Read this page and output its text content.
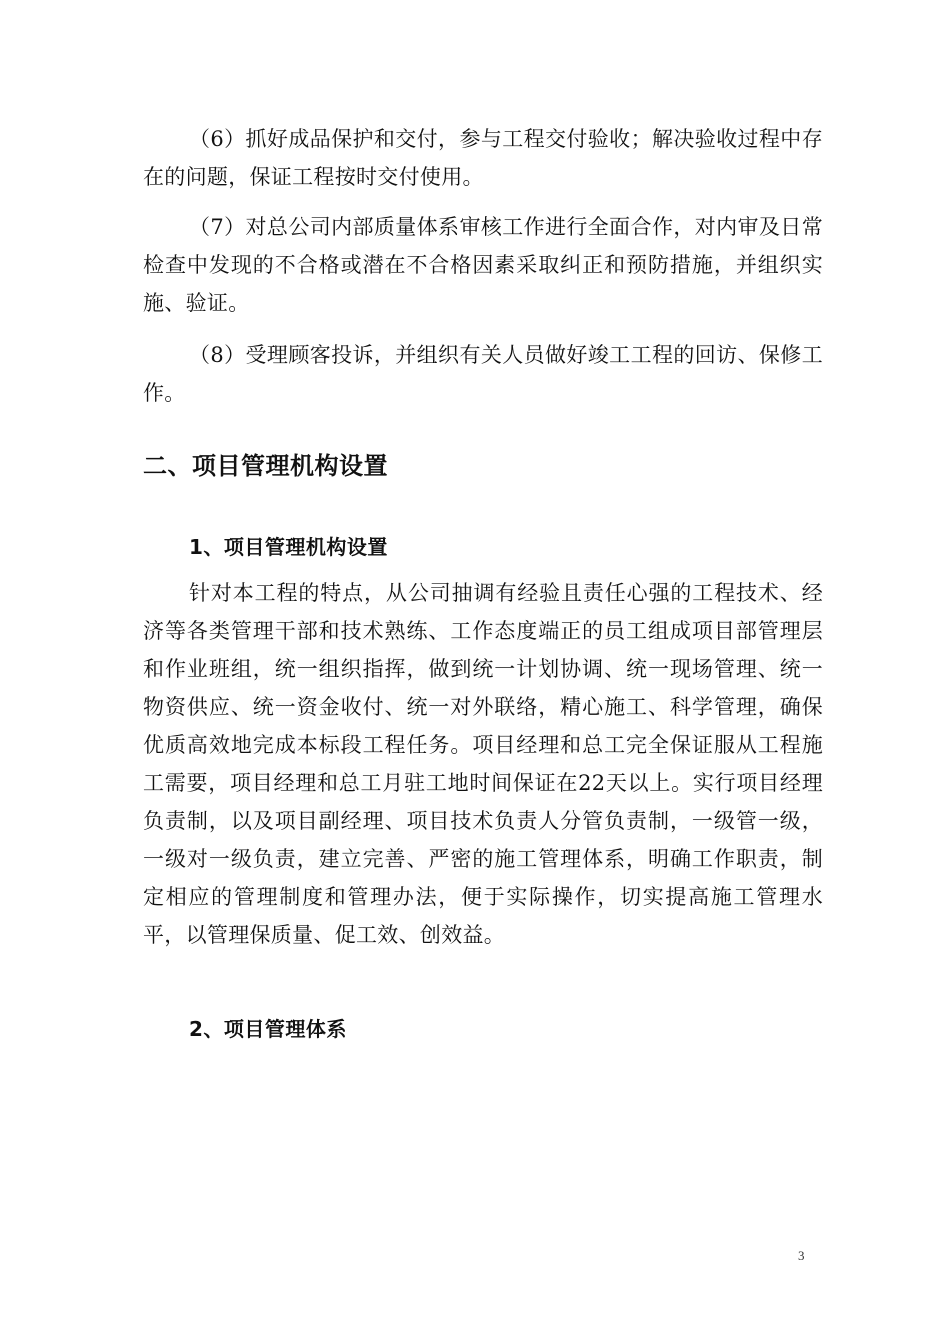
（6）抓好成品保护和交付，参与工程交付验收；解决验收过程中存在的问题，保证工程按时交付使用。

（7）对总公司内部质量体系审核工作进行全面合作，对内审及日常检查中发现的不合格或潜在不合格因素采取纠正和预防措施，并组织实施、验证。

（8）受理顾客投诉，并组织有关人员做好竣工工程的回访、保修工作。

二、项目管理机构设置
1、项目管理机构设置

针对本工程的特点，从公司抽调有经验且责任心强的工程技术、经济等各类管理干部和技术熟练、工作态度端正的员工组成项目部管理层和作业班组，统一组织指挥，做到统一计划协调、统一现场管理、统一物资供应、统一资金收付、统一对外联络，精心施工、科学管理，确保优质高效地完成本标段工程任务。项目经理和总工完全保证服从工程施工需要，项目经理和总工月驻工地时间保证在22天以上。实行项目经理负责制，以及项目副经理、项目技术负责人分管负责制，一级管一级，一级对一级负责，建立完善、严密的施工管理体系，明确工作职责，制定相应的管理制度和管理办法，便于实际操作，切实提高施工管理水平，以管理保质量、促工效、创效益。

2、项目管理体系
3
